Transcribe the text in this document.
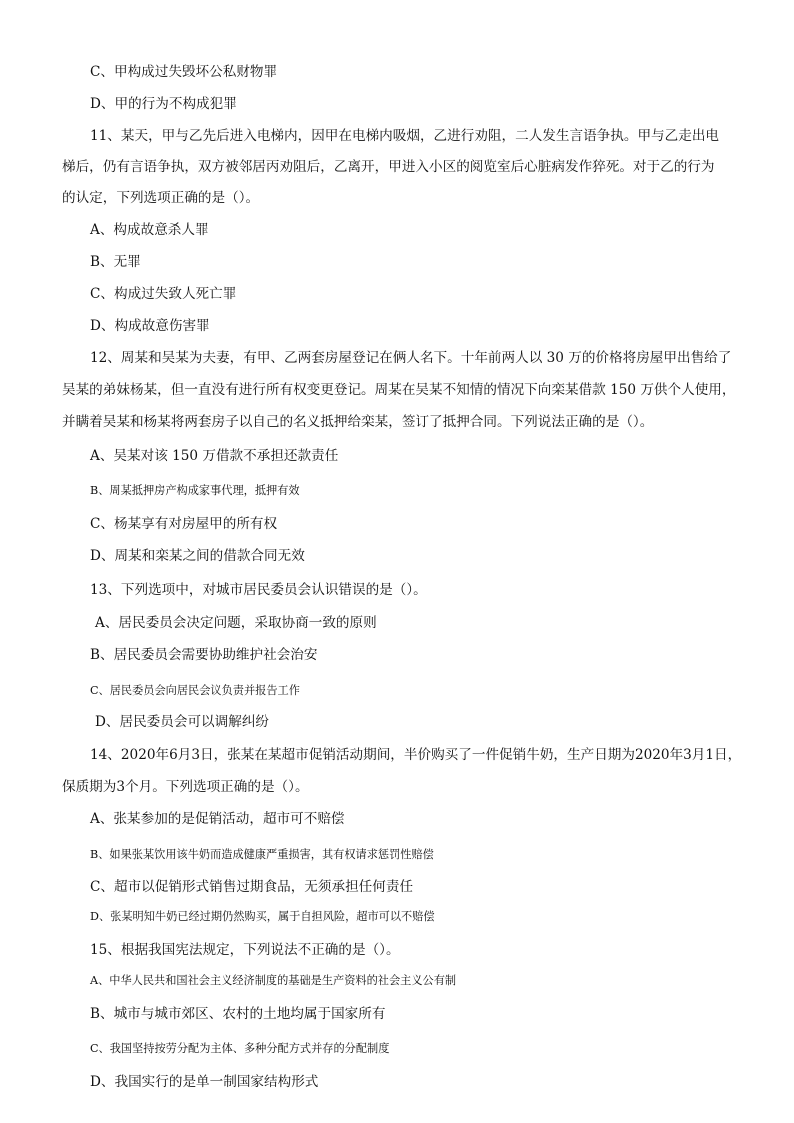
C、甲构成过失毁坏公私财物罪
D、甲的行为不构成犯罪
11、某天，甲与乙先后进入电梯内，因甲在电梯内吸烟，乙进行劝阻，二人发生言语争执。甲与乙走出电
梯后，仍有言语争执，双方被邻居丙劝阻后，乙离开，甲进入小区的阅览室后心脏病发作猝死。对于乙的行为
的认定，下列选项正确的是（）。
A、构成故意杀人罪
B、无罪
C、构成过失致人死亡罪
D、构成故意伤害罪
12、周某和吴某为夫妻，有甲、乙两套房屋登记在俩人名下。十年前两人以 30 万的价格将房屋甲出售给了
吴某的弟妹杨某，但一直没有进行所有权变更登记。周某在吴某不知情的情况下向栾某借款 150 万供个人使用，
并瞒着吴某和杨某将两套房子以自己的名义抵押给栾某，签订了抵押合同。下列说法正确的是（）。
A、吴某对该 150 万借款不承担还款责任
B、周某抵押房产构成家事代理，抵押有效
C、杨某享有对房屋甲的所有权
D、周某和栾某之间的借款合同无效
13、下列选项中，对城市居民委员会认识错误的是（）。
A、居民委员会决定问题，采取协商一致的原则
B、居民委员会需要协助维护社会治安
C、居民委员会向居民会议负责并报告工作
D、居民委员会可以调解纠纷
14、2020年6月3日，张某在某超市促销活动期间，半价购买了一件促销牛奶，生产日期为2020年3月1日，
保质期为3个月。下列选项正确的是（）。
A、张某参加的是促销活动，超市可不赔偿
B、如果张某饮用该牛奶而造成健康严重损害，其有权请求惩罚性赔偿
C、超市以促销形式销售过期食品，无须承担任何责任
D、张某明知牛奶已经过期仍然购买，属于自担风险，超市可以不赔偿
15、根据我国宪法规定，下列说法不正确的是（）。
A、中华人民共和国社会主义经济制度的基础是生产资料的社会主义公有制
B、城市与城市郊区、农村的土地均属于国家所有
C、我国坚持按劳分配为主体、多种分配方式并存的分配制度
D、我国实行的是单一制国家结构形式
